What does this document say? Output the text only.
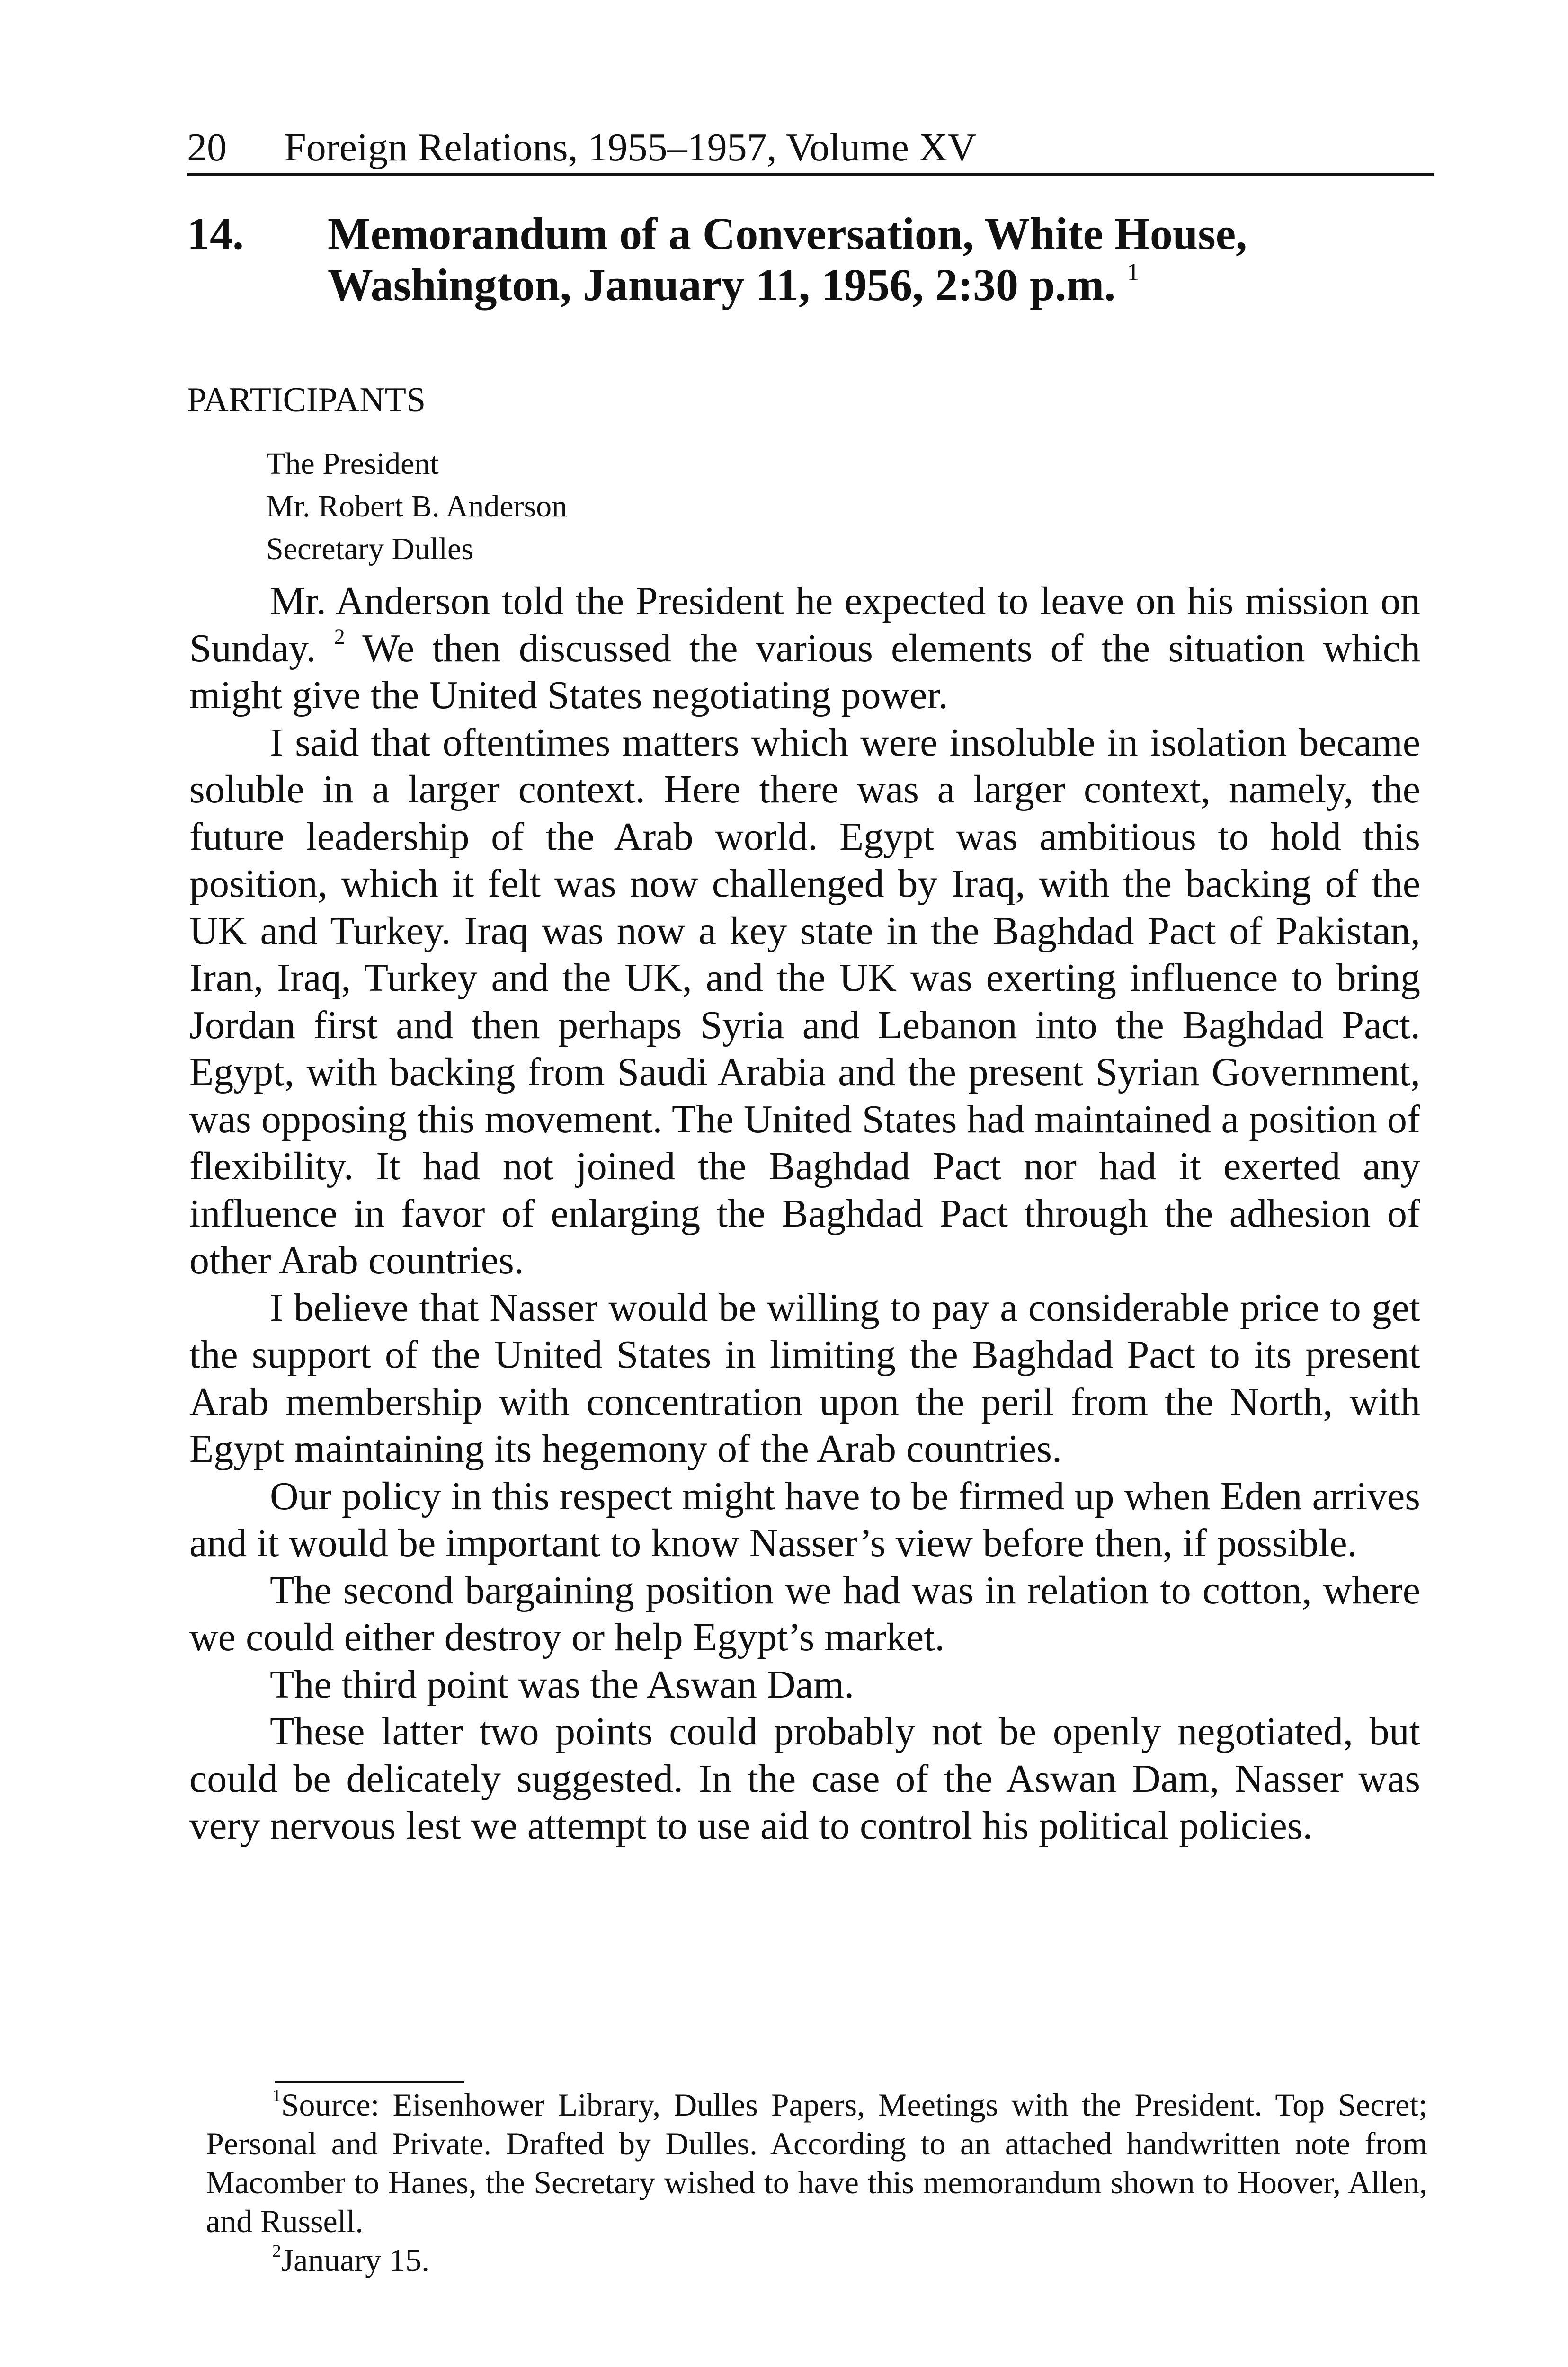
20 Foreign Relations, 1955–1957, Volume XV
14. Memorandum of a Conversation, White House,
Washington, January 11, 1956, 2:30 p.m. $^1$
PARTICIPANTS
The President
Mr. Robert B. Anderson
Secretary Dulles

Mr. Anderson told the President he expected to leave on his mission on Sunday. $^2$ We then discussed the various elements of the situation which might give the United States negotiating power.

I said that oftentimes matters which were insoluble in isolation became soluble in a larger context. Here there was a larger context, namely, the future leadership of the Arab world. Egypt was ambitious to hold this position, which it felt was now challenged by Iraq, with the backing of the UK and Turkey. Iraq was now a key state in the Baghdad Pact of Pakistan, Iran, Iraq, Turkey and the UK, and the UK was exerting influence to bring Jordan first and then perhaps Syria and Lebanon into the Baghdad Pact. Egypt, with backing from Saudi Arabia and the present Syrian Government, was opposing this movement. The United States had maintained a position of flexibility. It had not joined the Baghdad Pact nor had it exerted any influence in favor of enlarging the Baghdad Pact through the adhesion of other Arab countries.

I believe that Nasser would be willing to pay a considerable price to get the support of the United States in limiting the Baghdad Pact to its present Arab membership with concentration upon the peril from the North, with Egypt maintaining its hegemony of the Arab countries.

Our policy in this respect might have to be firmed up when Eden arrives and it would be important to know Nasser’s view before then, if possible.

The second bargaining position we had was in relation to cotton, where we could either destroy or help Egypt’s market.

The third point was the Aswan Dam.

These latter two points could probably not be openly negotiated, but could be delicately suggested. In the case of the Aswan Dam, Nasser was very nervous lest we attempt to use aid to control his political policies.

$^1$Source: Eisenhower Library, Dulles Papers, Meetings with the President. Top Secret; Personal and Private. Drafted by Dulles. According to an attached handwritten note from Macomber to Hanes, the Secretary wished to have this memorandum shown to Hoover, Allen, and Russell.

$^2$January 15.
